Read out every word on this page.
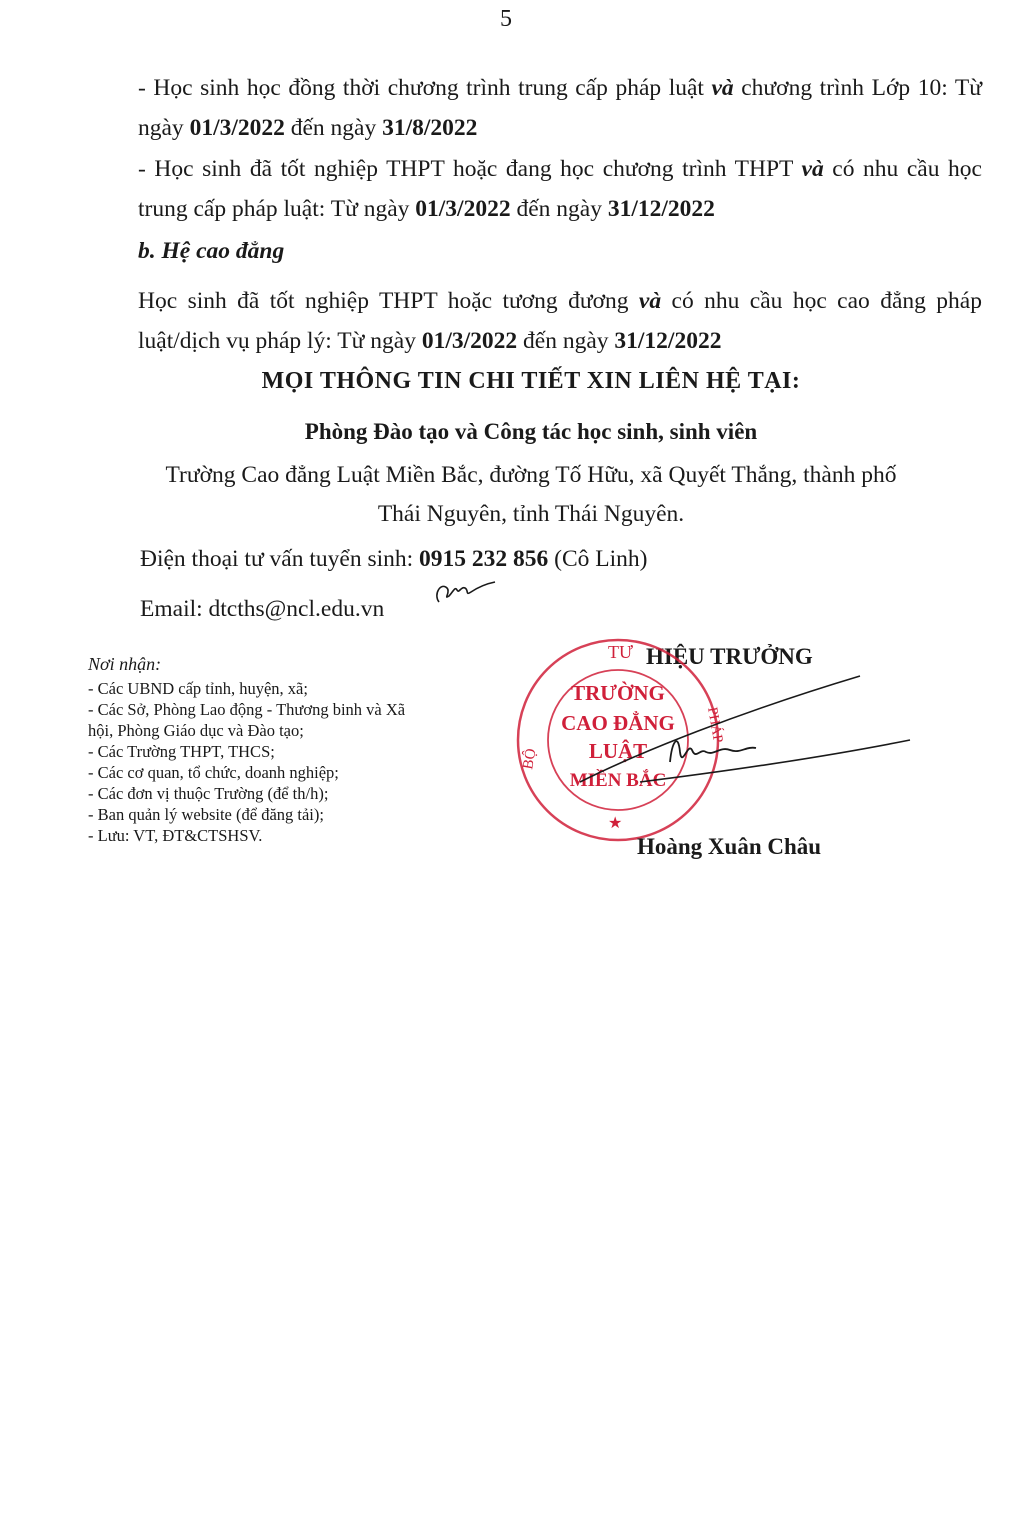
5
- Học sinh học đồng thời chương trình trung cấp pháp luật và chương trình Lớp 10: Từ ngày 01/3/2022 đến ngày 31/8/2022
- Học sinh đã tốt nghiệp THPT hoặc đang học chương trình THPT và có nhu cầu học trung cấp pháp luật: Từ ngày 01/3/2022 đến ngày 31/12/2022
b. Hệ cao đẳng
Học sinh đã tốt nghiệp THPT hoặc tương đương và có nhu cầu học cao đẳng pháp luật/dịch vụ pháp lý: Từ ngày 01/3/2022 đến ngày 31/12/2022
MỌI THÔNG TIN CHI TIẾT XIN LIÊN HỆ TẠI:
Phòng Đào tạo và Công tác học sinh, sinh viên
Trường Cao đẳng Luật Miền Bắc, đường Tố Hữu, xã Quyết Thắng, thành phố
Thái Nguyên, tỉnh Thái Nguyên.
Điện thoại tư vấn tuyển sinh: 0915 232 856 (Cô Linh)
Email: dtcths@ncl.edu.vn
Nơi nhận:
- Các UBND cấp tỉnh, huyện, xã;
- Các Sở, Phòng Lao động - Thương binh và Xã
hội, Phòng Giáo dục và Đào tạo;
- Các Trường THPT, THCS;
- Các cơ quan, tổ chức, doanh nghiệp;
- Các đơn vị thuộc Trường (để th/h);
- Ban quản lý website (để đăng tải);
- Lưu: VT, ĐT&CTSHSV.
HIỆU TRƯỞNG
TƯ
TRƯỜNG
CAO ĐẲNG
LUẬT
MIỀN BẮC
BỘ
PHÁP
★
Hoàng Xuân Châu
